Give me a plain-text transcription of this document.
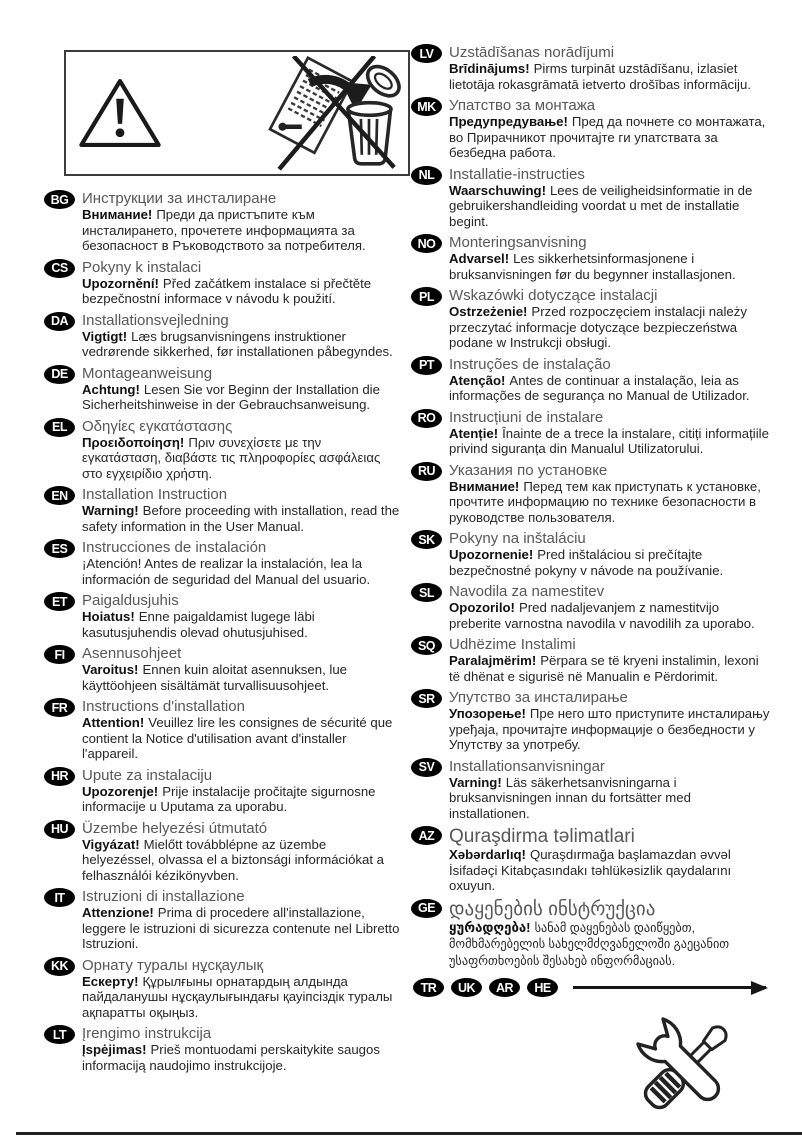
BG Инструкции за инсталиране
Внимание! Преди да пристъпите към инсталирането, прочетете информацията за безопасност в Ръководството за потребителя.
CS Pokyny k instalaci
Upozornění! Před začátkem instalace si přečtěte bezpečnostní informace v návodu k použití.
DA Installationsvejledning
Vigtigt! Læs brugsanvisningens instruktioner vedrørende sikkerhed, før installationen påbegyndes.
DE Montageanweisung
Achtung! Lesen Sie vor Beginn der Installation die Sicherheitshinweise in der Gebrauchsanweisung.
EL	Οδηγίες εγκατάστασης
Προειδοποίηση! Πριν συνεχίσετε με την εγκατάσταση, διαβάστε τις πληροφορίες ασφάλειας στο εγχειρίδιο χρήστη.
EN Installation Instruction
Warning! Before proceeding with installation, read the safety information in the User Manual.
ES Instrucciones de instalación
¡Atención! Antes de realizar la instalación, lea la información de seguridad del Manual del usuario.
ET	Paigaldusjuhis
Hoiatus! Enne paigaldamist lugege läbi kasutusjuhendis olevad ohutusjuhised.
FI	Asennusohjeet
Varoitus! Ennen kuin aloitat asennuksen, lue käyttöohjeen sisältämät turvallisuusohjeet.
FR Instructions d'installation
Attention! Veuillez lire les consignes de sécurité que contient la Notice d'utilisation avant d'installer l'appareil.
HR Upute za instalaciju
Upozorenje! Prije instalacije pročitajte sigurnosne informacije u Uputama za uporabu.
HU Üzembe helyezési útmutató
Vigyázat! Mielőtt továbblépne az üzembe helyezéssel, olvassa el a biztonsági információkat a felhasználói kézikönyvben.
IT	Istruzioni di installazione
Attenzione! Prima di procedere all'installazione, leggere le istruzioni di sicurezza contenute nel Libretto Istruzioni.
KK Орнату туралы нұсқаулық
Ескерту! Құрылғыны орнатардың алдында пайдаланушы нұсқаулығындағы қауіпсіздік туралы ақпаратты оқыңыз.
LT	Įrengimo instrukcija
Įspėjimas! Prieš montuodami perskaitykite saugos informaciją naudojimo instrukcijoje.
LV	Uzstādīšanas norādījumi
Brīdinājums! Pirms turpināt uzstādīšanu, izlasiet lietotāja rokasgrāmatā ietverto drošības informāciju.
MK Упатство за монтажа
Предупредување! Пред да почнете со монтажата, во Прирачникот прочитајте ги упатствата за безбедна работа.
NL Installatie-instructies
Waarschuwing! Lees de veiligheidsinformatie in de gebruikershandleiding voordat u met de installatie begint.
NO Monteringsanvisning
Advarsel! Les sikkerhetsinformasjonene i bruksanvisningen før du begynner installasjonen.
PL	Wskazówki dotyczące instalacji
Ostrzeżenie! Przed rozpoczęciem instalacji należy przeczytać informacje dotyczące bezpieczeństwa podane w Instrukcji obsługi.
PT	Instruções de instalação
Atenção! Antes de continuar a instalação, leia as informações de segurança no Manual de Utilizador.
RO Instrucțiuni de instalare
Atenție! Înainte de a trece la instalare, citiți informațiile privind siguranța din Manualul Utilizatorului.
RU Указания по установке
Внимание! Перед тем как приступать к установке, прочтите информацию по технике безопасности в руководстве пользователя.
SK Pokyny na inštaláciu
Upozornenie! Pred inštaláciou si prečítajte bezpečnostné pokyny v návode na používanie.
SL	Navodila za namestitev
Opozorilo! Pred nadaljevanjem z namestitvijo preberite varnostna navodila v navodilih za uporabo.
SQ Udhëzime Instalimi
Paralajmërim! Përpara se të kryeni instalimin, lexoni të dhënat e sigurisë në Manualin e Përdorimit.
SR Упутство за инсталирање
Упозорење! Пре него што приступите инсталирању уређаја, прочитајте информације о безбедности у Упутству за употребу.
SV Installationsanvisningar
Varning! Läs säkerhetsanvisningarna i bruksanvisningen innan du fortsätter med installationen.
AZ Quraşdirma təlimatlari
Xəbərdarlıq! Quraşdırmağa başlamazdan əvvəl İsifadəçi Kitabçasındakı təhlükəsizlik qaydalarını oxuyun.
GE დაყენების ინსტრუქცია
ყურადღება! სანამ დაყენებას დაიწყებთ, მომხმარებელის სახელმძღვანელოში გაეცანით უსაფრთხოების შესახებ ინფორმაციას.
TR	UK	AR	HE
